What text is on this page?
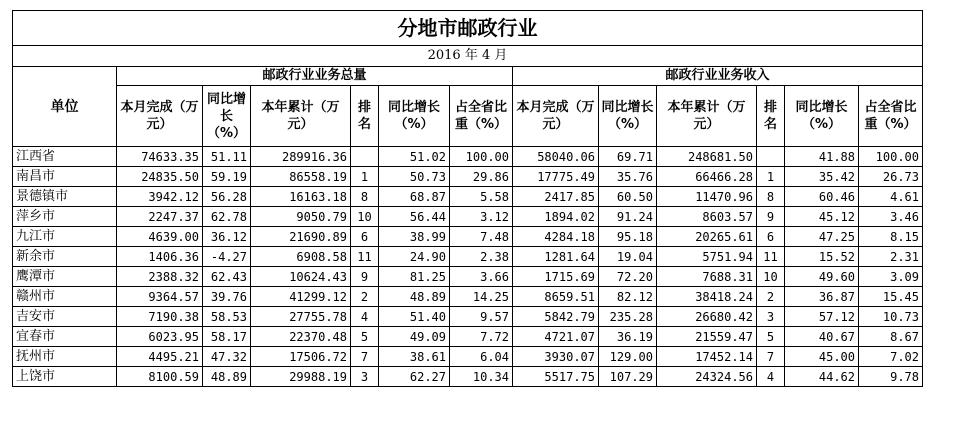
分地市邮政行业												
2016 年 4 月												
单位	邮政行业业务总量						邮政行业业务收入					
	本月完成（万元）	同比增长（%）	本年累计（万元）	排名	同比增长（%）	占全省比重（%）	本月完成（万元）	同比增长（%）	本年累计（万元）	排名	同比增长（%）	占全省比重（%）
江西省	74633.35	51.11	289916.36		51.02	100.00	58040.06	69.71	248681.50		41.88	100.00
南昌市	24835.50	59.19	86558.19	1	50.73	29.86	17775.49	35.76	66466.28	1	35.42	26.73
景德镇市	3942.12	56.28	16163.18	8	68.87	5.58	2417.85	60.50	11470.96	8	60.46	4.61
萍乡市	2247.37	62.78	9050.79	10	56.44	3.12	1894.02	91.24	8603.57	9	45.12	3.46
九江市	4639.00	36.12	21690.89	6	38.99	7.48	4284.18	95.18	20265.61	6	47.25	8.15
新余市	1406.36	-4.27	6908.58	11	24.90	2.38	1281.64	19.04	5751.94	11	15.52	2.31
鹰潭市	2388.32	62.43	10624.43	9	81.25	3.66	1715.69	72.20	7688.31	10	49.60	3.09
赣州市	9364.57	39.76	41299.12	2	48.89	14.25	8659.51	82.12	38418.24	2	36.87	15.45
吉安市	7190.38	58.53	27755.78	4	51.40	9.57	5842.79	235.28	26680.42	3	57.12	10.73
宜春市	6023.95	58.17	22370.48	5	49.09	7.72	4721.07	36.19	21559.47	5	40.67	8.67
抚州市	4495.21	47.32	17506.72	7	38.61	6.04	3930.07	129.00	17452.14	7	45.00	7.02
上饶市	8100.59	48.89	29988.19	3	62.27	10.34	5517.75	107.29	24324.56	4	44.62	9.78
